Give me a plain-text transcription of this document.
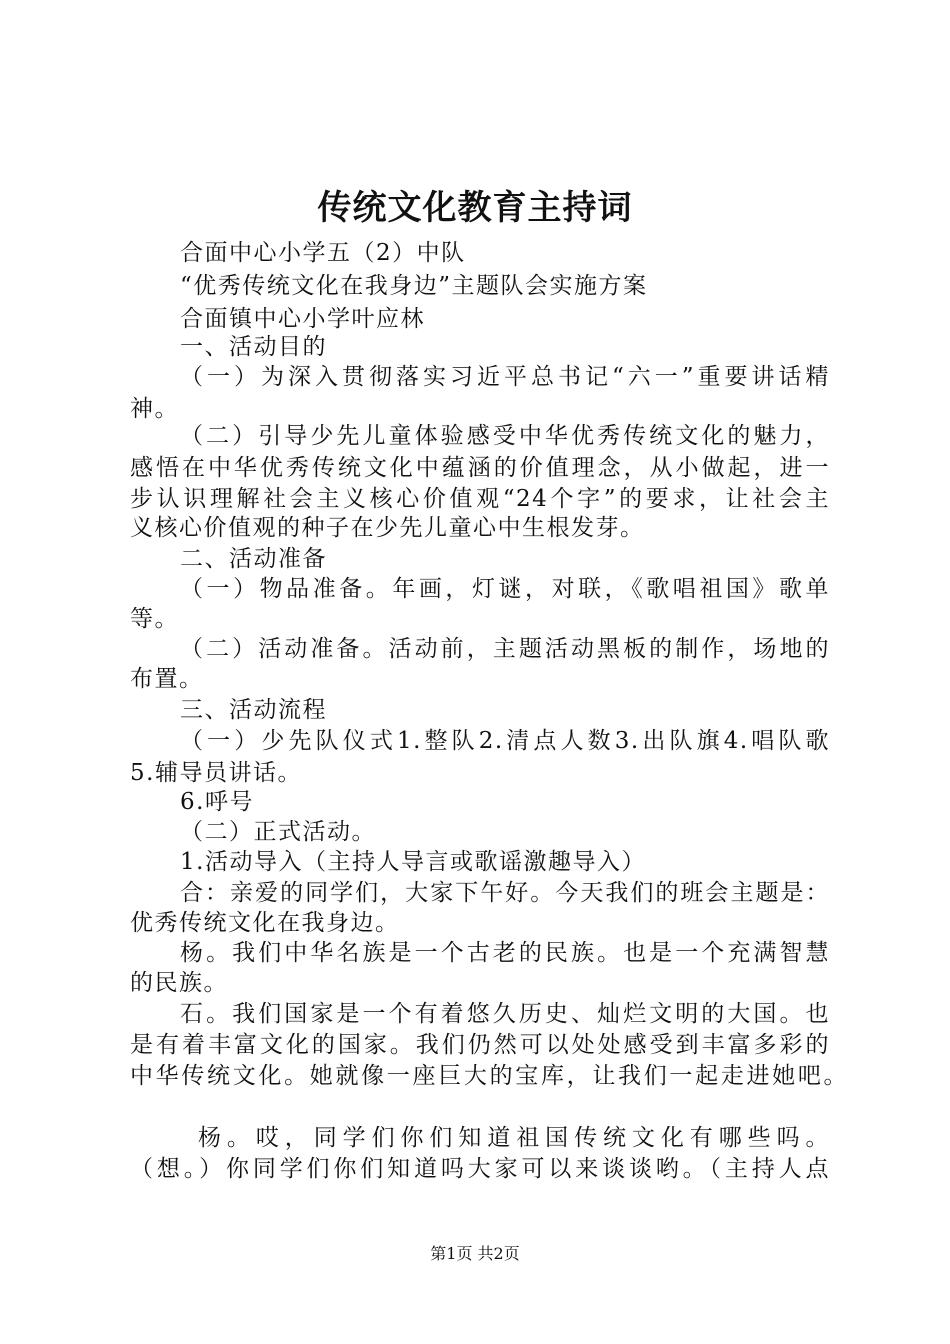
传统文化教育主持词
合面中心小学五（2）中队
“优秀传统文化在我身边”主题队会实施方案
合面镇中心小学叶应林
一、活动目的
（一）为深入贯彻落实习近平总书记“六一”重要讲话精
神。
（二）引导少先儿童体验感受中华优秀传统文化的魅力，
感悟在中华优秀传统文化中蕴涵的价值理念，从小做起，进一
步认识理解社会主义核心价值观“24个字”的要求，让社会主
义核心价值观的种子在少先儿童心中生根发芽。
二、活动准备
（一）物品准备。年画，灯谜，对联，《歌唱祖国》歌单
等。
（二）活动准备。活动前，主题活动黑板的制作，场地的
布置。
三、活动流程
（一）少先队仪式1.整队2.清点人数3.出队旗4.唱队歌
5.辅导员讲话。
6.呼号
（二）正式活动。
1.活动导入（主持人导言或歌谣激趣导入）
合：亲爱的同学们，大家下午好。今天我们的班会主题是：
优秀传统文化在我身边。
杨。我们中华名族是一个古老的民族。也是一个充满智慧
的民族。
石。我们国家是一个有着悠久历史、灿烂文明的大国。也
是有着丰富文化的国家。我们仍然可以处处感受到丰富多彩的
中华传统文化。她就像一座巨大的宝库，让我们一起走进她吧。
杨。哎，同学们你们知道祖国传统文化有哪些吗。
（想。）你同学们你们知道吗大家可以来谈谈哟。（主持人点
第1页 共2页
